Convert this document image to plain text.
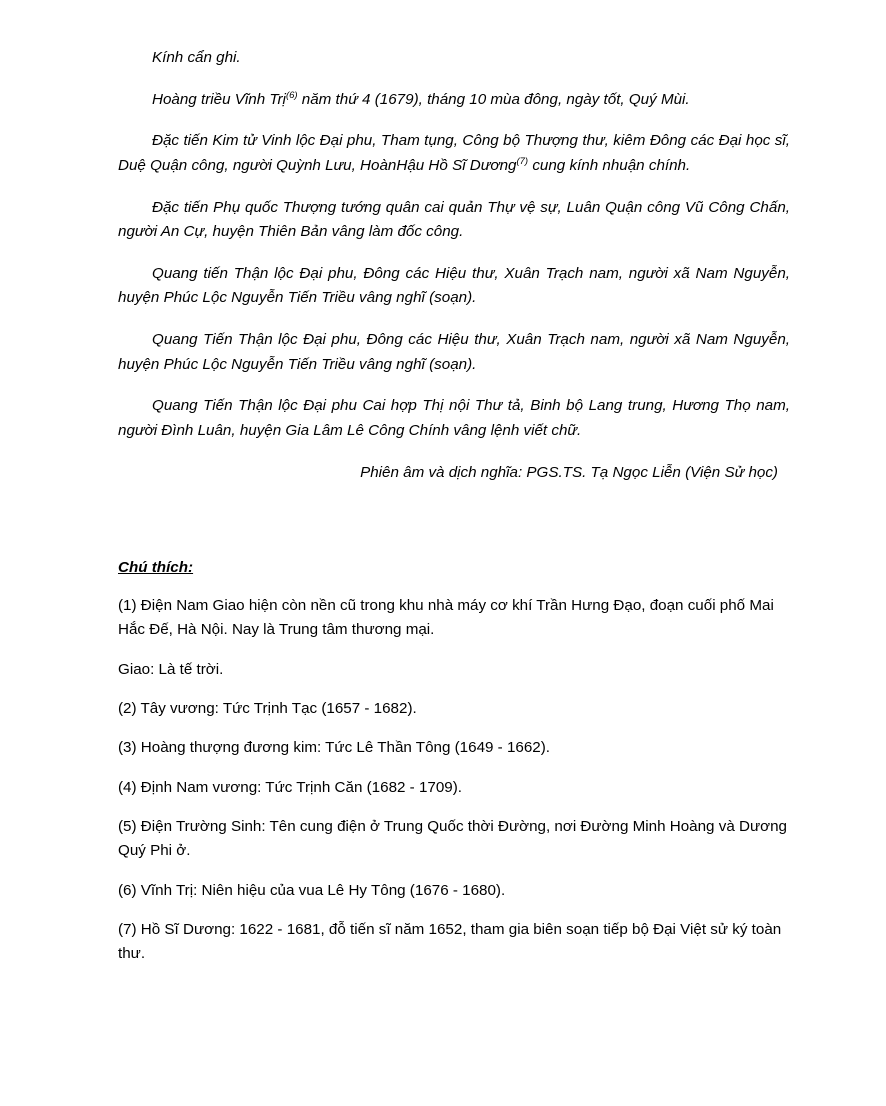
Kính cẩn ghi.

Hoàng triều Vĩnh Trị$^{(6)}$ năm thứ 4 (1679), tháng 10 mùa đông, ngày tốt, Quý Mùi.

Đặc tiến Kim tử Vinh lộc Đại phu, Tham tụng, Công bộ Thượng thư, kiêm Đông các Đại học sĩ, Duệ Quận công, người Quỳnh Lưu, HoànHậu Hồ Sĩ Dương$^{(7)}$ cung kính nhuận chính.

Đặc tiến Phụ quốc Thượng tướng quân cai quản Thự vệ sự, Luân Quận công Vũ Công Chấn, người An Cự, huyện Thiên Bản vâng làm đốc công.

Quang tiến Thận lộc Đại phu, Đông các Hiệu thư, Xuân Trạch nam, người xã Nam Nguyễn, huyện Phúc Lộc Nguyễn Tiến Triều vâng nghĩ (soạn).

Quang Tiến Thận lộc Đại phu, Đông các Hiệu thư, Xuân Trạch nam, người xã Nam Nguyễn, huyện Phúc Lộc Nguyễn Tiến Triều vâng nghĩ (soạn).

Quang Tiến Thận lộc Đại phu Cai hợp Thị nội Thư tả, Binh bộ Lang trung, Hương Thọ nam, người Đình Luân, huyện Gia Lâm Lê Công Chính vâng lệnh viết chữ.

Phiên âm và dịch nghĩa: PGS.TS. Tạ Ngọc Liễn (Viện Sử học)

Chú thích:

(1) Điện Nam Giao hiện còn nền cũ trong khu nhà máy cơ khí Trần Hưng Đạo, đoạn cuối phố Mai Hắc Đế, Hà Nội. Nay là Trung tâm thương mại.

Giao: Là tế trời.

(2) Tây vương: Tức Trịnh Tạc (1657 - 1682).

(3) Hoàng thượng đương kim: Tức Lê Thần Tông (1649 - 1662).

(4) Định Nam vương: Tức Trịnh Căn (1682 - 1709).

(5) Điện Trường Sinh: Tên cung điện ở Trung Quốc thời Đường, nơi Đường Minh Hoàng và Dương Quý Phi ở.

(6) Vĩnh Trị: Niên hiệu của vua Lê Hy Tông (1676 - 1680).

(7) Hồ Sĩ Dương: 1622 - 1681, đỗ tiến sĩ năm 1652, tham gia biên soạn tiếp bộ Đại Việt sử ký toàn thư.
